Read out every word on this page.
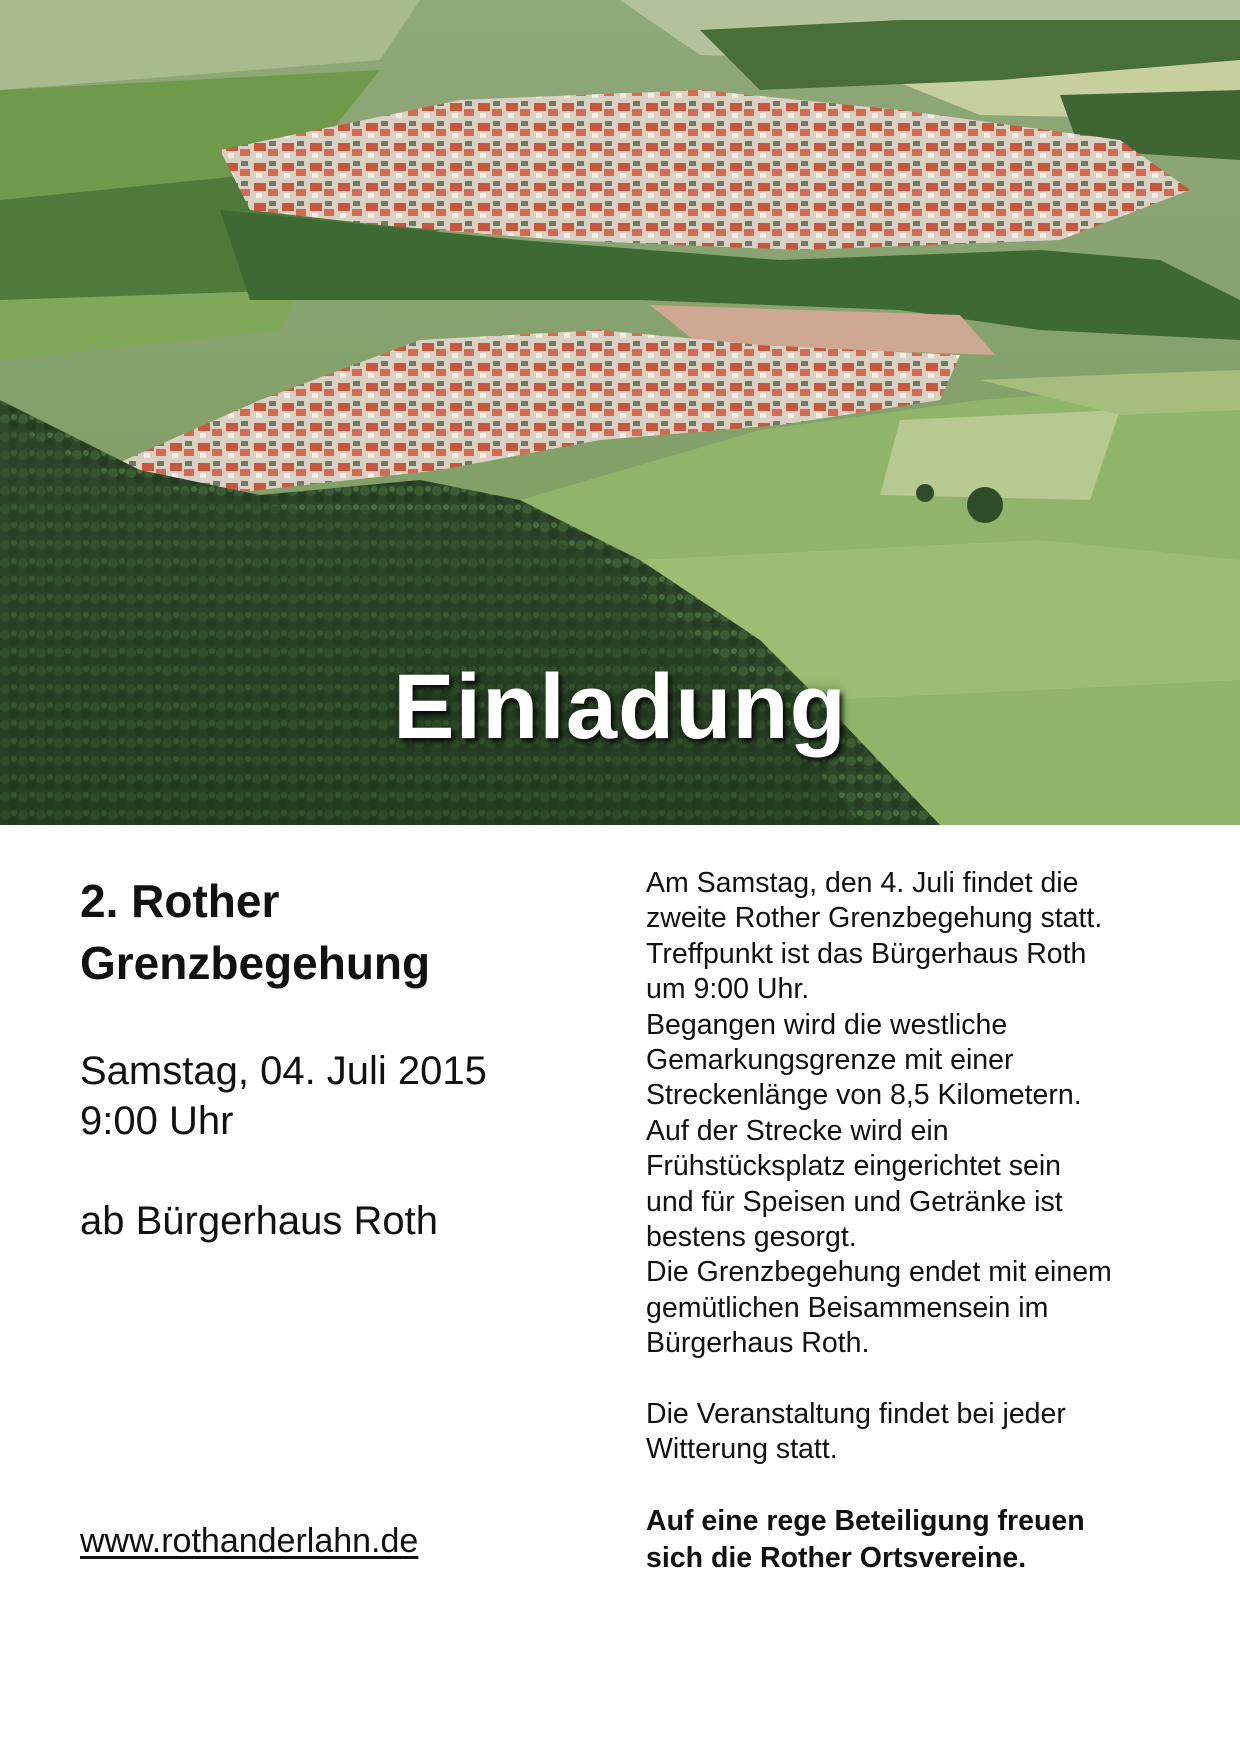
Einladung
2. Rother
Grenzbegehung
Samstag, 04. Juli 2015
9:00 Uhr
ab Bürgerhaus Roth
www.rothanderlahn.de

Am Samstag, den 4. Juli findet die

zweite Rother Grenzbegehung statt.

Treffpunkt ist das Bürgerhaus Roth

um 9:00 Uhr.

Begangen wird die westliche

Gemarkungsgrenze mit einer

Streckenlänge von 8,5 Kilometern.

Auf der Strecke wird ein

Frühstücksplatz eingerichtet sein

und für Speisen und Getränke ist

bestens gesorgt.

Die Grenzbegehung endet mit einem

gemütlichen Beisammensein im

Bürgerhaus Roth.

Die Veranstaltung findet bei jeder

Witterung statt.

Auf eine rege Beteiligung freuen

sich die Rother Ortsvereine.
